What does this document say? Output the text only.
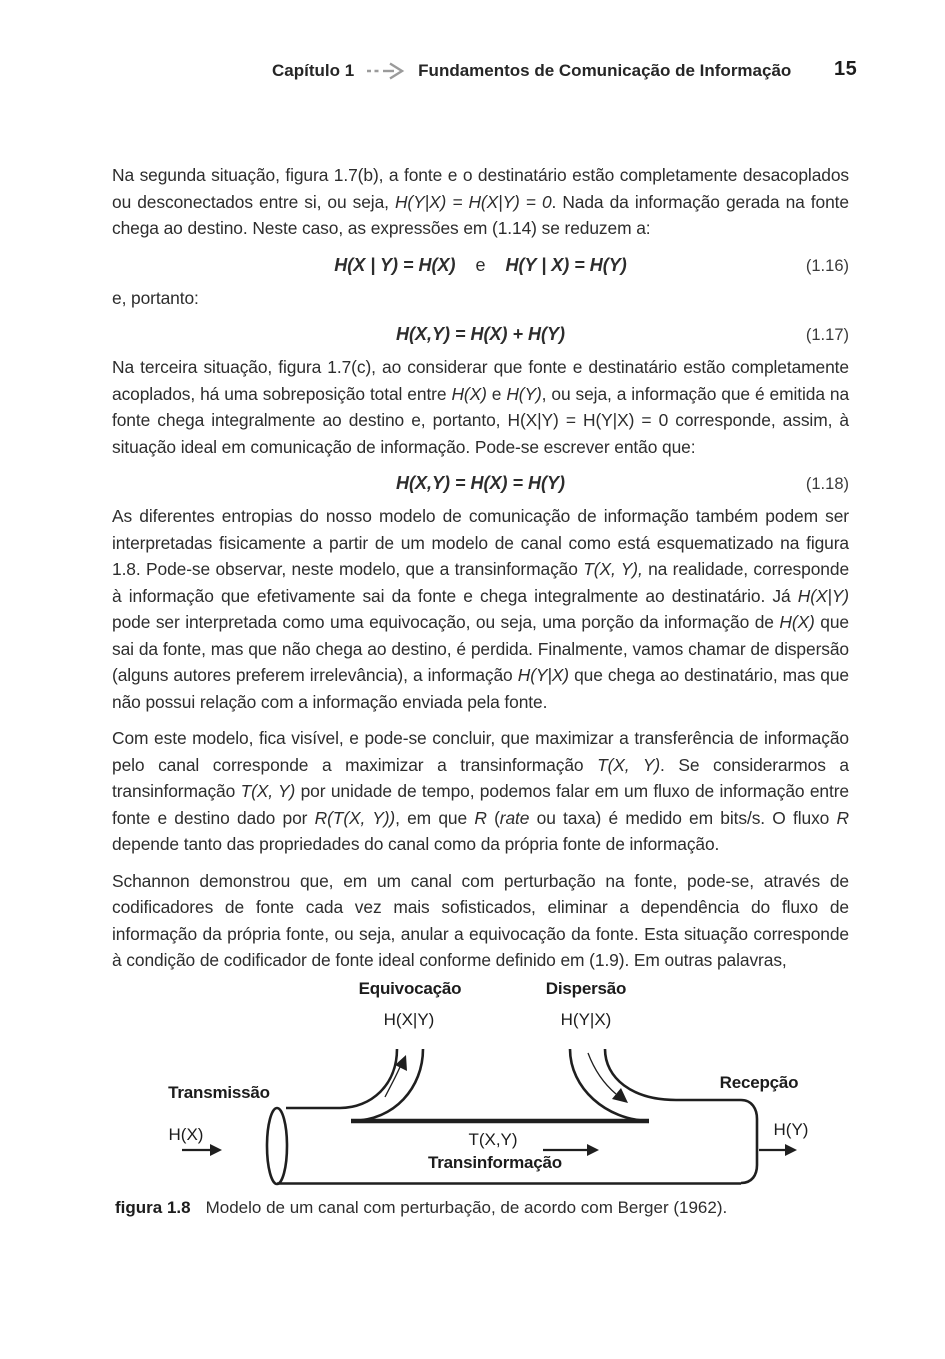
Capítulo 1	Fundamentos de Comunicação de Informação 15

Na segunda situação, figura 1.7(b), a fonte e o destinatário estão completamente desacoplados ou desconectados entre si, ou seja, H(Y|X) = H(X|Y) = 0. Nada da informação gerada na fonte chega ao destino. Neste caso, as expressões em (1.14) se reduzem a:

H(X | Y) = H(X)    e    H(Y | X) = H(Y)	(1.16)

e, portanto:

H(X,Y) = H(X) + H(Y)	(1.17)

Na terceira situação, figura 1.7(c), ao considerar que fonte e destinatário estão completamente acoplados, há uma sobreposição total entre H(X) e H(Y), ou seja, a informação que é emitida na fonte chega integralmente ao destino e, portanto, H(X|Y) = H(Y|X) = 0 corresponde, assim, à situação ideal em comunicação de informação. Pode-se escrever então que:

H(X,Y) = H(X) = H(Y)	(1.18)

As diferentes entropias do nosso modelo de comunicação de informação também podem ser interpretadas fisicamente a partir de um modelo de canal como está esquematizado na figura 1.8. Pode-se observar, neste modelo, que a transinformação T(X, Y), na realidade, corresponde à informação que efetivamente sai da fonte e chega integralmente ao destinatário. Já H(X|Y) pode ser interpretada como uma equivocação, ou seja, uma porção da informação de H(X) que sai da fonte, mas que não chega ao destino, é perdida. Finalmente, vamos chamar de dispersão (alguns autores preferem irrelevância), a informação H(Y|X) que chega ao destinatário, mas que não possui relação com a informação enviada pela fonte.

Com este modelo, fica visível, e pode-se concluir, que maximizar a transferência de informação pelo canal corresponde a maximizar a transinformação T(X, Y). Se considerarmos a transinformação T(X, Y) por unidade de tempo, podemos falar em um fluxo de informação entre fonte e destino dado por R(T(X, Y)), em que R (rate ou taxa) é medido em bits/s. O fluxo R depende tanto das propriedades do canal como da própria fonte de informação.

Schannon demonstrou que, em um canal com perturbação na fonte, pode-se, através de codificadores de fonte cada vez mais sofisticados, eliminar a dependência do fluxo de informação da própria fonte, ou seja, anular a equivocação da fonte. Esta situação corresponde à condição de codificador de fonte ideal conforme definido em (1.9). Em outras palavras,

Equivocação
H(X|Y)
Dispersão
H(Y|X)
Transmissão
H(X)
Recepção
H(Y)
T(X,Y)
Transinformação
figura 1.8 Modelo de um canal com perturbação, de acordo com Berger (1962).
